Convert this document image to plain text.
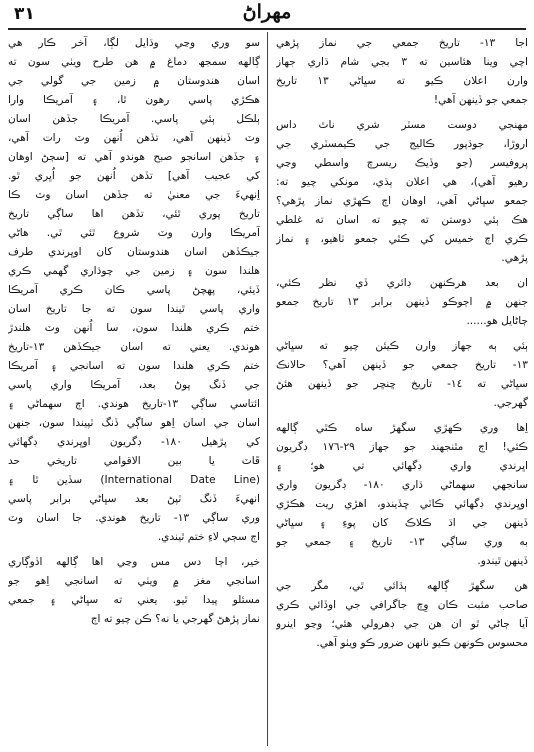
٣١	مهراڻ
اجا ١٣- تاريخ جمعي جي نماز پڙهي
اچي وينا هئاسين ته ٣ بجي شام ڌاري جهاز
وارن اعلان ڪيو ته سڀاڻي ١٣ تاريخ
جمعي جو ڏينهن آهي!
مهنجي دوست مسٽر شري ناٿ داس
اروڙا، جوڌپور ڪاليج جي ڪيمسٽري جي
پروفيسر (جو وڏيڪ ريسرچ واسطي وڃي
رهيو آهي)، هي اعلان ٻڌي، مونکي چيو ته:
جمعو سڀاڻي آهي، اوهان اڄ ڪهڙي نماز پڙهي؟
هڪ ٻئي دوستن ته چيو ته اسان ته غلطي
ڪري اڄ خميس کي ڪٿي جمعو ٺاهيو، ۽ نماز
پڙهي.
ان بعد هرڪنهن ڊائري ڏي نظر ڪئي،
جنهن ۾ اڄوڪو ڏينهن برابر ١٣ تاريخ جمعو
ڄاڻايل هو......
ٻئي ٻه جهاز وارن ڪيئن چيو ته سڀاڻي
١٣- تاريخ جمعي جو ڏينهن آهي؟ حالانڪ
سڀاڻي ته ١٤- تاريخ ڇنڇر جو ڏينهن هئڻ
گهرجي.
اِها وري ڪهڙي سگهڙ ساه ڪٿي ڳالهه
ڪئي! اڄ مٿنجهند جو جهاز ٢٩-١٧٦ ڊگريون
اڀرندي واري ڊگهائي تي هو؛ ۽
سانجهي سهماڻي ڌاري ١٨٠- ڊگريون واري
اوڀرندي ڊگهائي ڪاٽي ڇڏيندو، اهڙي ريت هڪڙي
ڏينهن جي اڌ ڪلاڪ کان پوءِ ۽ سڀاڻي
به وري ساڳي ١٣- تاريخ ۽ جمعي جو
ڏينهن ٿيندو.
هن سگهڙ ڳالهه ٻڌائي ٿي، مگر جي
صاحب مثبت ڪان وِچ جاگرافي جي اوڏائي ڪري
آيا ڄاڻي ٿو ان هن جي ڊهرولي هئي؛ وڃو اينرو
محسوس ڪونهن ڪيو نانهن ضرور ڪو ويٺو آهي.
سو وري وڃي وڌايل لڳا، آخر ڪار هي
ڳالهه سمجھ دماغ ۾ هن طرح ويٺي سون ته
اسان هندوستان ۾ زمين جي گولي جي
هڪڙي پاسي رهون ٿا، ۽ آمريڪا وارا
ٻلڪل ٻئي پاسي. آمريڪا جڏهن اسان
وٽ ڏينهن آهي، تڏهن اُنهن وٽ رات آهي،
۽ جڏهن اسانجو صبح هوندو آهي ته [سڄڻ اوهان
کي عجيب آهي] تڏهن اُنهن جو اُڀري ٿو.
اِنهيءَ جي معنيٰ ته جڏهن اسان وٽ ڪا
تاريخ پوري ٿئي، تڏهن اها ساڳي تاريخ
آمريڪا وارن وٽ شروع ٿئي ٿي. هاڻي
جيڪڏهن اسان هندوستان کان اوڀرندي طرف
هلندا سون ۽ زمين جي چوڌاري گهمي ڪري
ڏيئي، پهچڻ پاسي ڪان ڪري آمريڪا
واري پاسي ٿيندا سون ته جا تاريخ اسان
ختم ڪري هلندا سون، سا اُنهن وٽ هلندڙ
هوندي. يعني ته اسان جيڪڏهن ١٣-تاريخ
ختم ڪري هلندا سون ته اسانجي ۽ آمريڪا
جي ڏنگ پوڻ بعد، آمريڪا واري پاسي
ائتاسي ساڳي ١٣-تاريخ هوندي. اڄ سهماڻي ۽
اسان جي اسان اِهو ساڳي ڏنگ ٽپيندا سون، جنهن
کي پڙهيل ١٨٠- ڊگريون اوڀرندي ڊگهائي
ڦاٽ يا بين الاقوامي تاريخي حد
(International Date Line) سڏين ٿا ۽
انهيءَ ڏنگ ٽپڻ بعد سڀاڻي برابر پاسي
وري ساڳي ١٣- تاريخ هوندي. جا اسان وٽ
اڄ سڄي لاءِ ختم ٿيندي.
خير، اڄا دس مس وڃي اها ڳالهه اڏوڳاري
اسانجي مغز ۾ ويٺي ته اسانجي اِهو جو
مسئلو پيدا ٿيو. يعني ته سڀاڻي ۽ جمعي
نماز پڙهڻ گهرجي يا نه؟ ڪن چيو ته اڄ
